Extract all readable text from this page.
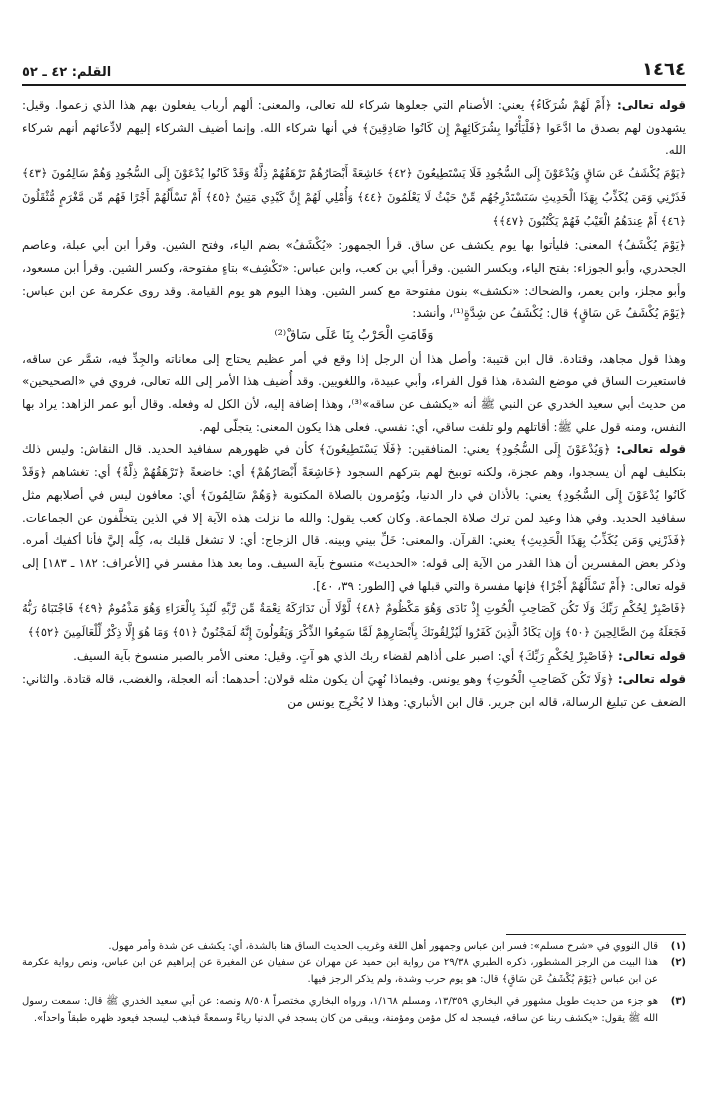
١٤٦٤
القلم: ٤٢ ـ ٥٢

قوله تعالى: ﴿أَمْ لَهُمْ شُرَكَاءُ﴾ يعني: الأصنام التي جعلوها شركاء لله تعالى، والمعنى: ألهم أرباب يفعلون بهم هذا الذي زعموا. وقيل: يشهدون لهم بصدق ما ادَّعَوا ﴿فَلْيَأْتُوا بِشُرَكَائِهِمْ إِن كَانُوا صَادِقِينَ﴾ في أنها شركاء الله. وإنما أضيف الشركاء إليهم لادِّعائهم أنهم شركاء الله.

﴿يَوْمَ يُكْشَفُ عَن سَاقٍ وَيُدْعَوْنَ إِلَى السُّجُودِ فَلَا يَسْتَطِيعُونَ ﴿٤٢﴾ خَاشِعَةً أَبْصَارُهُمْ تَرْهَقُهُمْ ذِلَّةٌ وَقَدْ كَانُوا يُدْعَوْنَ إِلَى السُّجُودِ وَهُمْ سَالِمُونَ ﴿٤٣﴾ فَذَرْنِي وَمَن يُكَذِّبُ بِهَذَا الْحَدِيثِ سَنَسْتَدْرِجُهُم مِّنْ حَيْثُ لَا يَعْلَمُونَ ﴿٤٤﴾ وَأُمْلِي لَهُمْ إِنَّ كَيْدِي مَتِينٌ ﴿٤٥﴾ أَمْ تَسْأَلُهُمْ أَجْرًا فَهُم مِّن مَّغْرَمٍ مُّثْقَلُونَ ﴿٤٦﴾ أَمْ عِندَهُمُ الْغَيْبُ فَهُمْ يَكْتُبُونَ ﴿٤٧﴾﴾

﴿يَوْمَ يُكْشَفُ﴾ المعنى: فليأتوا بها يوم يكشف عن ساق. قرأ الجمهور: «يُكْشَفُ» بضم الياء، وفتح الشين. وقرأ ابن أبي عبلة، وعاصم الجحدري، وأبو الجوزاء: بفتح الياء، وبكسر الشين. وقرأ أبي بن كعب، وابن عباس: «تَكْشِف» بتاءٍ مفتوحة، وكسر الشين. وقرأ ابن مسعود، وأبو مجلز، وابن يعمر، والضحاك: «نكشف» بنون مفتوحة مع كسر الشين. وهذا اليوم هو يوم القيامة. وقد روى عكرمة عن ابن عباس: ﴿يَوْمَ يُكْشَفُ عَن سَاقٍ﴾ قال: يُكْشَفُ عن شِدَّةٍ⁽¹⁾، وأنشد:

وَقَامَتِ الْحَرْبُ بِنَا عَلَى سَاقْ⁽²⁾

وهذا قول مجاهد، وقتادة. قال ابن قتيبة: وأصل هذا أن الرجل إذا وقع في أمر عظيم يحتاج إلى معاناته والجِدِّ فيه، شمَّر عن ساقه، فاستعيرت الساق في موضع الشدة، هذا قول الفراء، وأبي عبيدة، واللغويين. وقد أُضيف هذا الأمر إلى الله تعالى، فروي في «الصحيحين» من حديث أبي سعيد الخدري عن النبي ﷺ أنه «يكشف عن ساقه»⁽³⁾، وهذا إضافة إليه، لأن الكل له وفعله. وقال أبو عمر الزاهد: يراد بها النفس، ومنه قول علي ﷺ: أقاتلهم ولو تلفت ساقي، أي: نفسي. فعلى هذا يكون المعنى: يتجلّى لهم.

قوله تعالى: ﴿وَيُدْعَوْنَ إِلَى السُّجُودِ﴾ يعني: المنافقين: ﴿فَلَا يَسْتَطِيعُونَ﴾ كأن في ظهورهم سفافيد الحديد. قال النقاش: وليس ذلك بتكليف لهم أن يسجدوا، وهم عجزة، ولكنه توبيخ لهم بتركهم السجود ﴿خَاشِعَةً أَبْصَارُهُمْ﴾ أي: خاضعةً ﴿تَرْهَقُهُمْ ذِلَّةٌ﴾ أي: تغشاهم ﴿وَقَدْ كَانُوا يُدْعَوْنَ إِلَى السُّجُودِ﴾ يعني: بالأذان في دار الدنيا، ويُؤمرون بالصلاة المكتوبة ﴿وَهُمْ سَالِمُونَ﴾ أي: معافون ليس في أصلابهم مثل سفافيد الحديد. وفي هذا وعيد لمن ترك صلاة الجماعة. وكان كعب يقول: والله ما نزلت هذه الآية إلا في الذين يتخلَّفون عن الجماعات. ﴿فَذَرْنِي وَمَن يُكَذِّبُ بِهَذَا الْحَدِيثِ﴾ يعني: القرآن. والمعنى: خَلِّ بيني وبينه. قال الزجاج: أي: لا تشغل قلبك به، كِلْه إليَّ فأنا أكفيك أمره. وذكر بعض المفسرين أن هذا القدر من الآية إلى قوله: «الحديث» منسوخ بآية السيف. وما بعد هذا مفسر في [الأعراف: ١٨٢ ـ ١٨٣] إلى قوله تعالى: ﴿أَمْ تَسْأَلُهُمْ أَجْرًا﴾ فإنها مفسرة والتي قبلها في [الطور: ٣٩، ٤٠].

﴿فَاصْبِرْ لِحُكْمِ رَبِّكَ وَلَا تَكُن كَصَاحِبِ الْحُوتِ إِذْ نَادَى وَهُوَ مَكْظُومٌ ﴿٤٨﴾ لَّوْلَا أَن تَدَارَكَهُ نِعْمَةٌ مِّن رَّبِّهِ لَنُبِذَ بِالْعَرَاءِ وَهُوَ مَذْمُومٌ ﴿٤٩﴾ فَاجْتَبَاهُ رَبُّهُ فَجَعَلَهُ مِنَ الصَّالِحِينَ ﴿٥٠﴾ وَإِن يَكَادُ الَّذِينَ كَفَرُوا لَيُزْلِقُونَكَ بِأَبْصَارِهِمْ لَمَّا سَمِعُوا الذِّكْرَ وَيَقُولُونَ إِنَّهُ لَمَجْنُونٌ ﴿٥١﴾ وَمَا هُوَ إِلَّا ذِكْرٌ لِّلْعَالَمِينَ ﴿٥٢﴾﴾

قوله تعالى: ﴿فَاصْبِرْ لِحُكْمِ رَبِّكَ﴾ أي: اصبر على أذاهم لقضاء ربك الذي هو آتٍ. وقيل: معنى الأمر بالصبر منسوخ بآية السيف.

قوله تعالى: ﴿وَلَا تَكُن كَصَاحِبِ الْحُوتِ﴾ وهو يونس. وفيماذا نُهِيَ أن يكون مثله قولان: أحدهما: أنه العجلة، والغضب، قاله قتادة. والثاني: الضعف عن تبليغ الرسالة، قاله ابن جرير. قال ابن الأنباري: وهذا لا يُخْرِج يونس من

(١)
قال النووي في «شرح مسلم»: فسر ابن عباس وجمهور أهل اللغة وغريب الحديث الساق هنا بالشدة، أي: يكشف عن شدة وأمر مهول.
(٢)
هذا البيت من الرجز المشطور، ذكره الطبري ٢٩/٣٨ من رواية ابن حميد عن مهران عن سفيان عن المغيرة عن إبراهيم عن ابن عباس، ونص رواية عكرمة عن ابن عباس ﴿يَوْمَ يُكْشَفُ عَن سَاقٍ﴾ قال: هو يوم حرب وشدة، ولم يذكر الرجز فيها.
(٣)
هو جزء من حديث طويل مشهور في البخاري ١٣/٣٥٩، ومسلم ١/١٦٨، ورواه البخاري مختصراً ٨/٥٠٨ ونصه: عن أبي سعيد الخدري ﷺ قال: سمعت رسول الله ﷺ يقول: «يكشف ربنا عن ساقه، فيسجد له كل مؤمن ومؤمنة، ويبقى من كان يسجد في الدنيا رياءً وسمعةً فيذهب ليسجد فيعود ظهره طبقاً واحداً».
